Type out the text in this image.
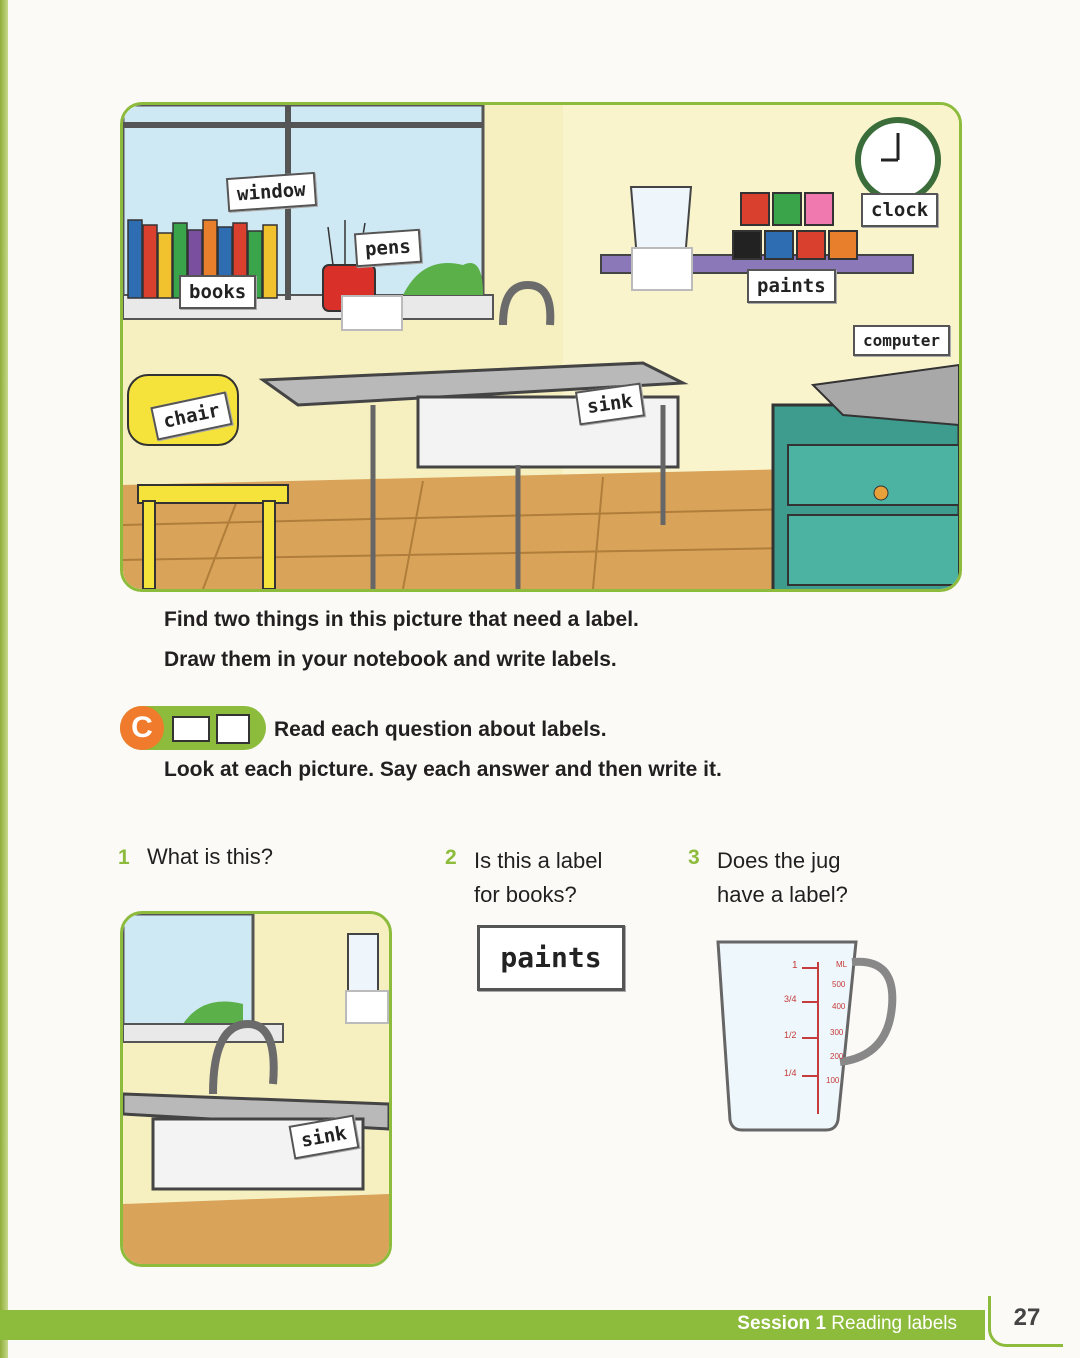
window
pens
books
chair	sink
paints
clock
computer

Find two things in this picture that need a label.

Draw them in your notebook and write labels.

C	Read each question about labels.

Look at each picture. Say each answer and then write it.

1 What is this?	2 Is this a label
for books?
3 Does the jug
have a label?
sink
paints	1
3/4
1/2
1/4
ML
500
400
300
200
100
Session 1 Reading labels	27
